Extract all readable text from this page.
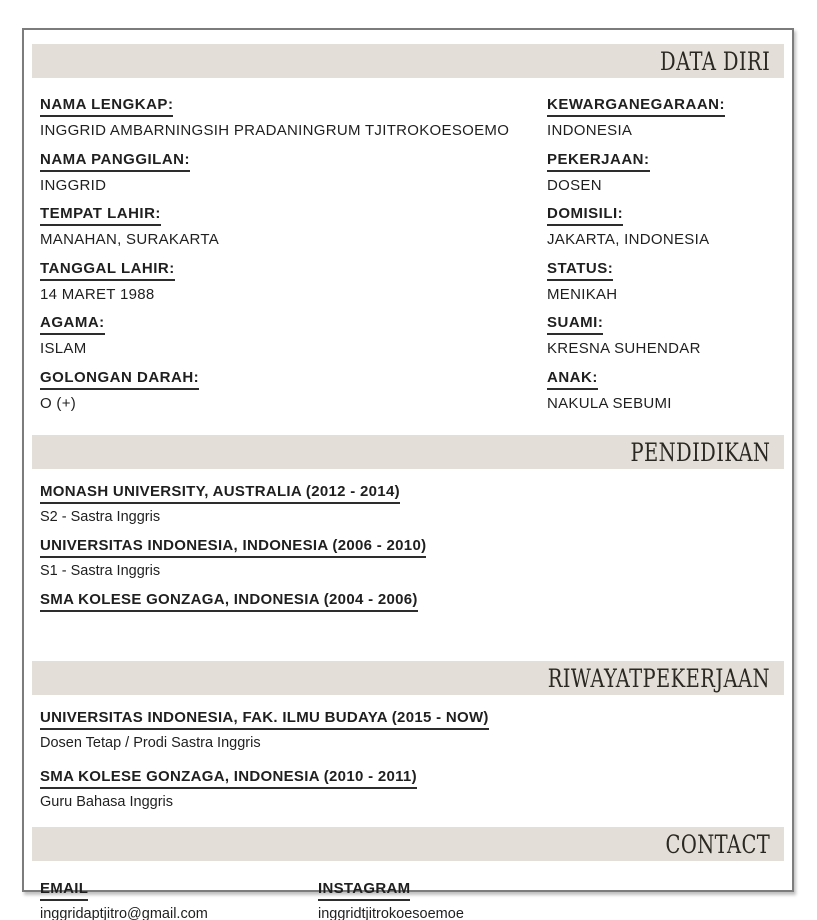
DATA DIRI
NAMA LENGKAP:
INGGRID AMBARNINGSIH PRADANINGRUM TJITROKOESOEMO
NAMA PANGGILAN:
INGGRID
TEMPAT LAHIR:
MANAHAN, SURAKARTA
TANGGAL LAHIR:
14 MARET 1988
AGAMA:
ISLAM
GOLONGAN DARAH:
O (+)
KEWARGANEGARAAN:
INDONESIA
PEKERJAAN:
DOSEN
DOMISILI:
JAKARTA, INDONESIA
STATUS:
MENIKAH
SUAMI:
KRESNA SUHENDAR
ANAK:
NAKULA SEBUMI
PENDIDIKAN
MONASH UNIVERSITY, AUSTRALIA (2012 - 2014)
S2 - Sastra Inggris
UNIVERSITAS INDONESIA, INDONESIA (2006 - 2010)
S1 - Sastra Inggris
SMA KOLESE GONZAGA, INDONESIA (2004 - 2006)
RIWAYATPEKERJAAN
UNIVERSITAS INDONESIA, FAK. ILMU BUDAYA (2015 - NOW)
Dosen Tetap / Prodi Sastra Inggris
SMA KOLESE GONZAGA, INDONESIA (2010 - 2011)
Guru Bahasa Inggris
CONTACT
EMAIL
inggridaptjitro@gmail.com
INSTAGRAM
inggridtjitrokoesoemoe
